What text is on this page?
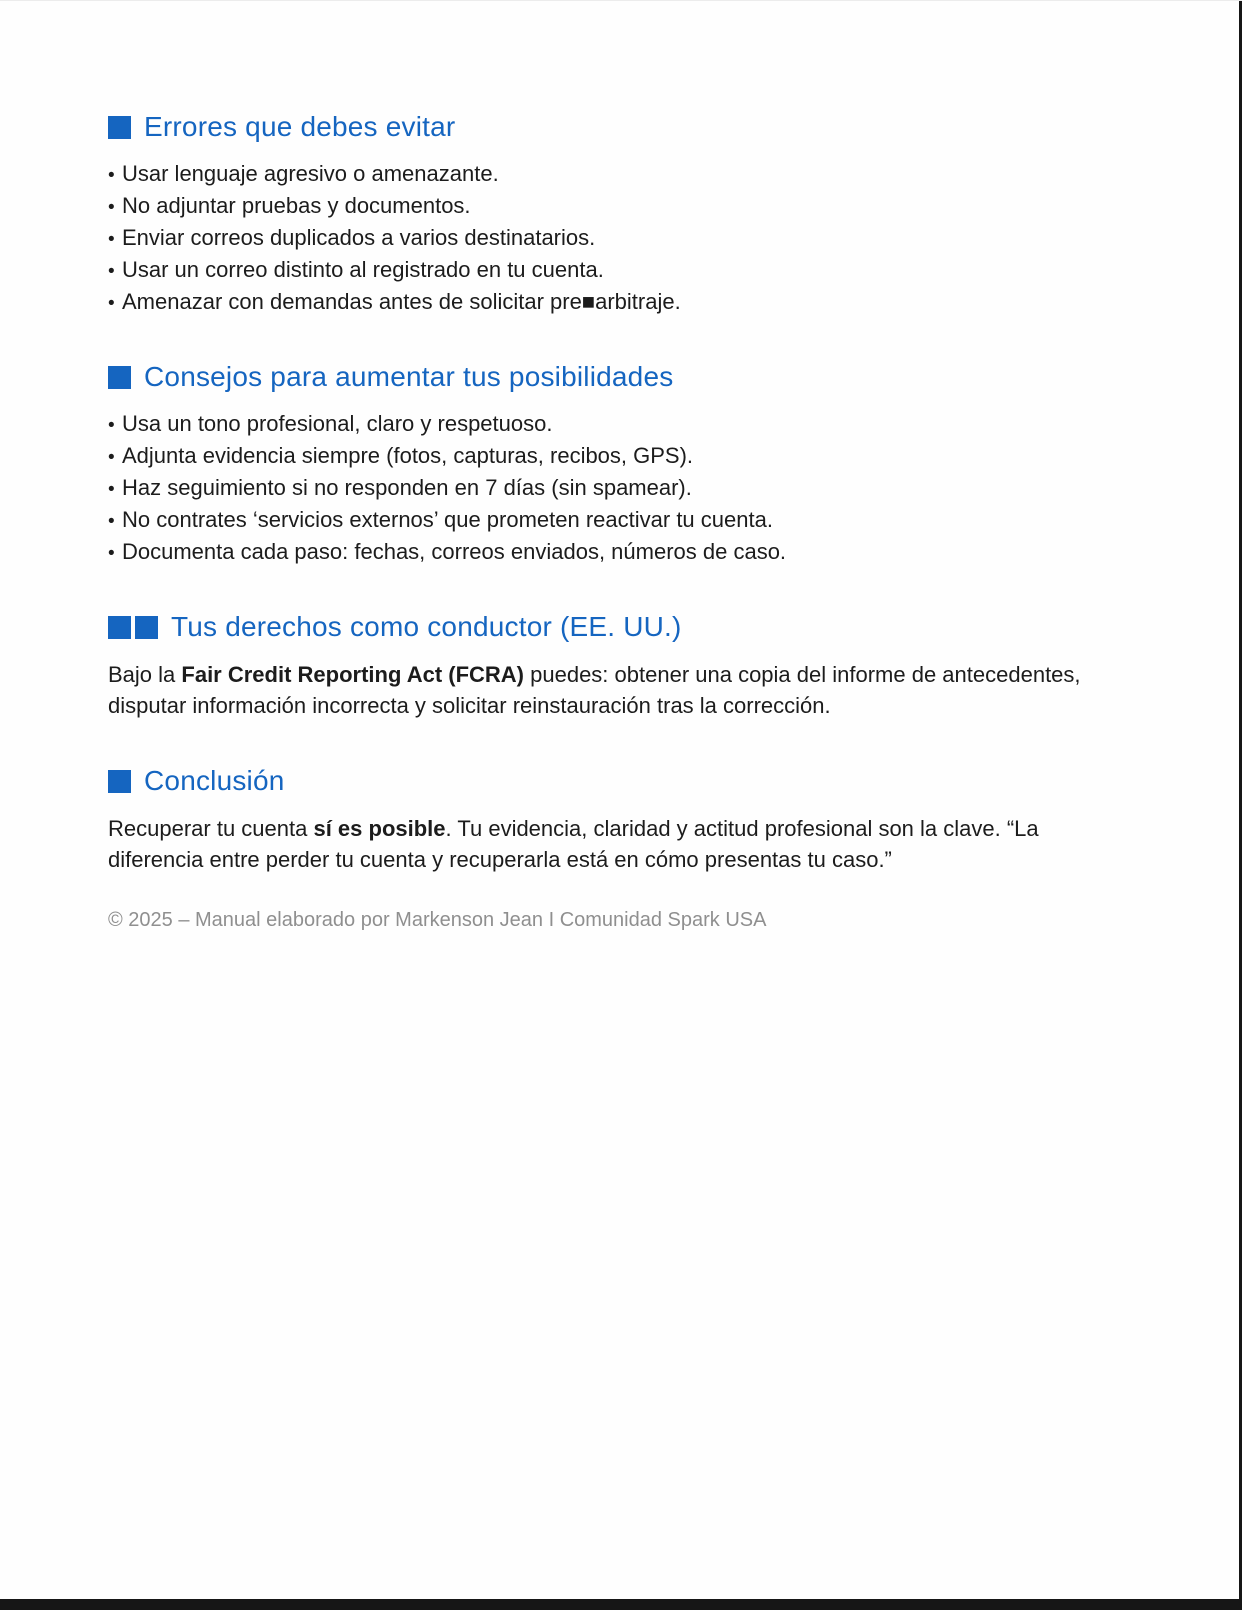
Errores que debes evitar
• Usar lenguaje agresivo o amenazante.
• No adjuntar pruebas y documentos.
• Enviar correos duplicados a varios destinatarios.
• Usar un correo distinto al registrado en tu cuenta.
• Amenazar con demandas antes de solicitar pre■arbitraje.
Consejos para aumentar tus posibilidades
• Usa un tono profesional, claro y respetuoso.
• Adjunta evidencia siempre (fotos, capturas, recibos, GPS).
• Haz seguimiento si no responden en 7 días (sin spamear).
• No contrates ‘servicios externos’ que prometen reactivar tu cuenta.
• Documenta cada paso: fechas, correos enviados, números de caso.
Tus derechos como conductor (EE. UU.)

Bajo la Fair Credit Reporting Act (FCRA) puedes: obtener una copia del informe de antecedentes, disputar información incorrecta y solicitar reinstauración tras la corrección.

Conclusión

Recuperar tu cuenta sí es posible. Tu evidencia, claridad y actitud profesional son la clave. “La diferencia entre perder tu cuenta y recuperarla está en cómo presentas tu caso.”

© 2025 – Manual elaborado por Markenson Jean I Comunidad Spark USA
